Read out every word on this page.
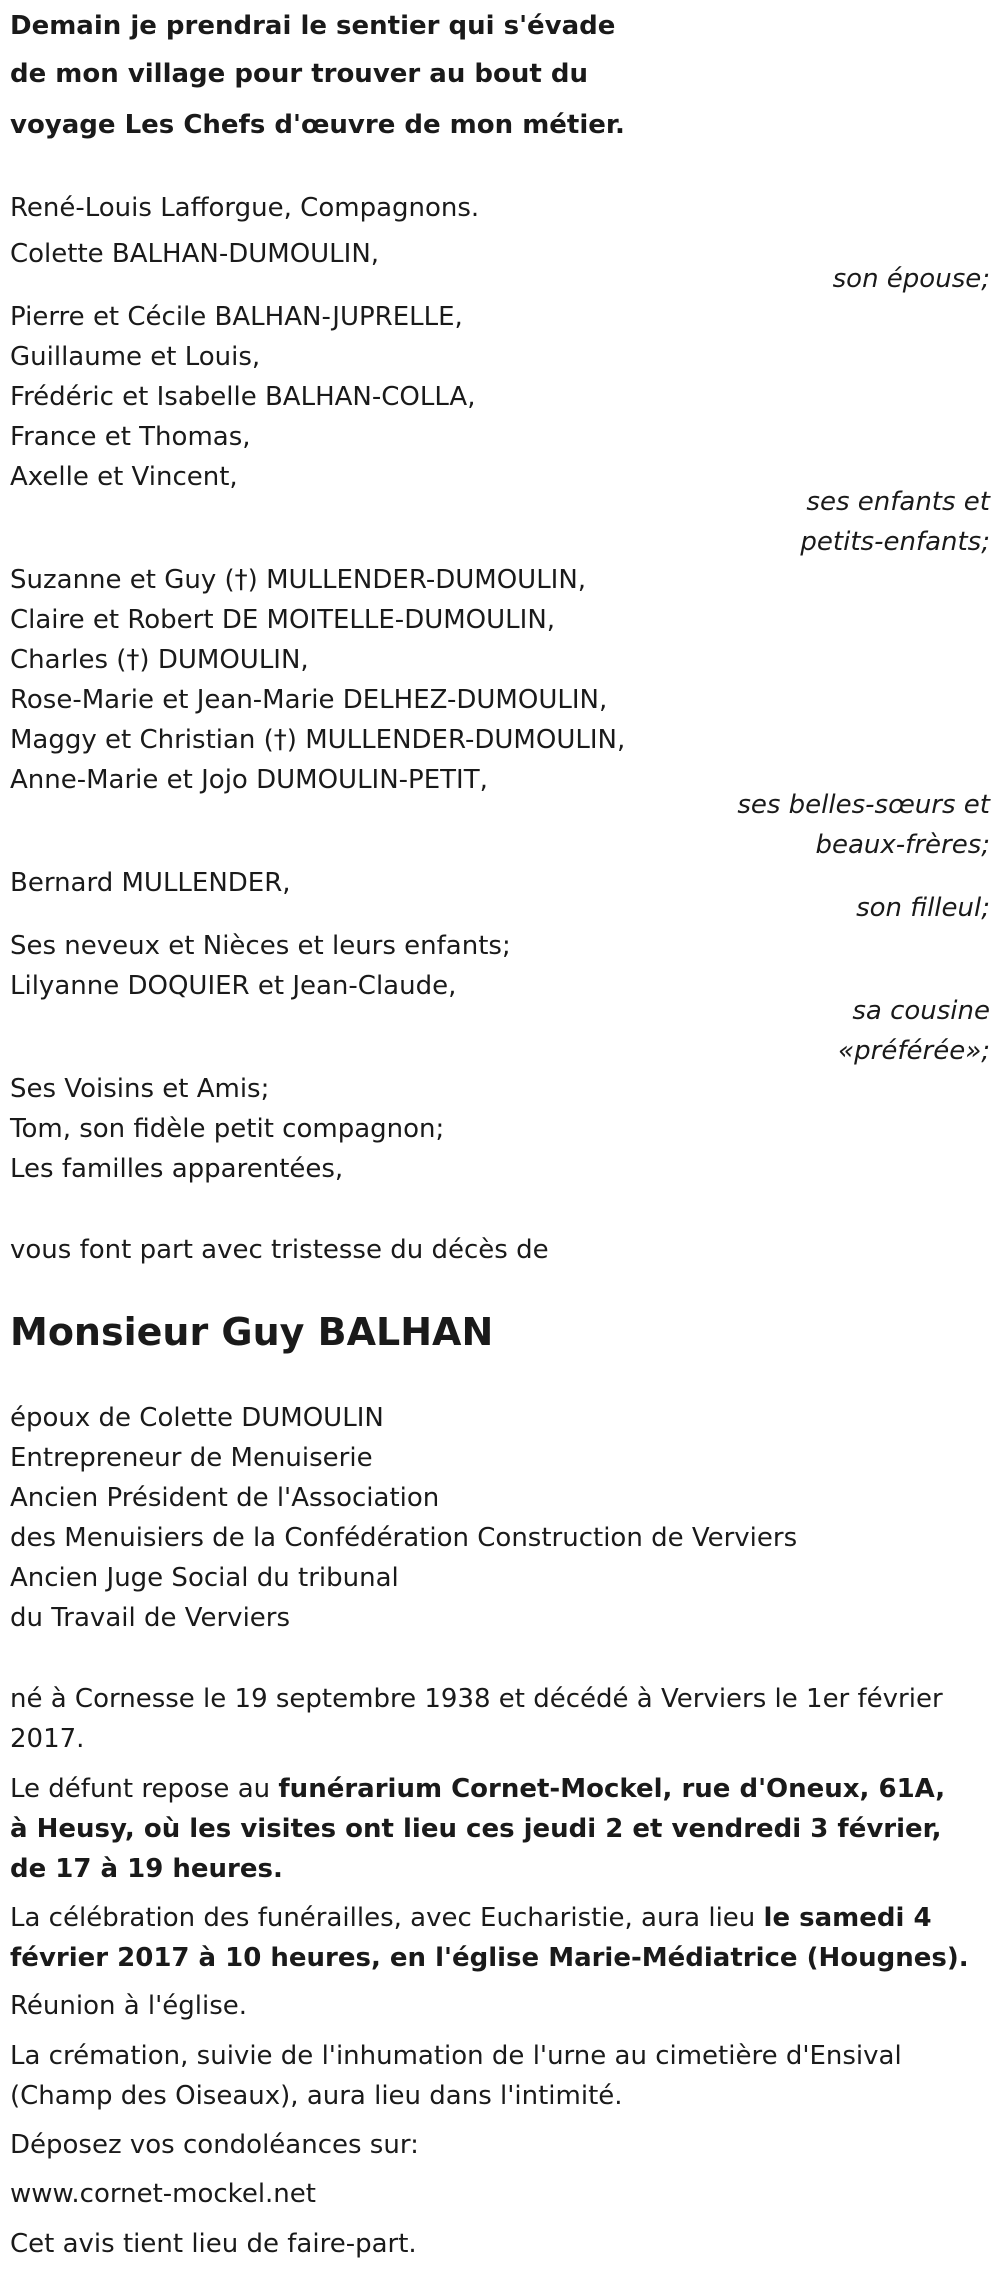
Demain je prendrai le sentier qui s'évade
de mon village pour trouver au bout du
voyage Les Chefs d'œuvre de mon métier.
René-Louis Lafforgue, Compagnons.
Colette BALHAN-DUMOULIN,
son épouse;
Pierre et Cécile BALHAN-JUPRELLE,
Guillaume et Louis,
Frédéric et Isabelle BALHAN-COLLA,
France et Thomas,
Axelle et Vincent,
ses enfants et
petits-enfants;
Suzanne et Guy (†) MULLENDER-DUMOULIN,
Claire et Robert DE MOITELLE-DUMOULIN,
Charles (†) DUMOULIN,
Rose-Marie et Jean-Marie DELHEZ-DUMOULIN,
Maggy et Christian (†) MULLENDER-DUMOULIN,
Anne-Marie et Jojo DUMOULIN-PETIT,
ses belles-sœurs et
beaux-frères;
Bernard MULLENDER,
son filleul;
Ses neveux et Nièces et leurs enfants;
Lilyanne DOQUIER et Jean-Claude,
sa cousine
«préférée»;
Ses Voisins et Amis;
Tom, son fidèle petit compagnon;
Les familles apparentées,
vous font part avec tristesse du décès de
Monsieur Guy BALHAN
époux de Colette DUMOULIN
Entrepreneur de Menuiserie
Ancien Président de l'Association
des Menuisiers de la Confédération Construction de Verviers
Ancien Juge Social du tribunal
du Travail de Verviers
né à Cornesse le 19 septembre 1938 et décédé à Verviers le 1er février 2017.
Le défunt repose au funérarium Cornet-Mockel, rue d'Oneux, 61A, à Heusy, où les visites ont lieu ces jeudi 2 et vendredi 3 février, de 17 à 19 heures.
La célébration des funérailles, avec Eucharistie, aura lieu le samedi 4 février 2017 à 10 heures, en l'église Marie-Médiatrice (Hougnes).
Réunion à l'église.
La crémation, suivie de l'inhumation de l'urne au cimetière d'Ensival (Champ des Oiseaux), aura lieu dans l'intimité.
Déposez vos condoléances sur:
www.cornet-mockel.net
Cet avis tient lieu de faire-part.
